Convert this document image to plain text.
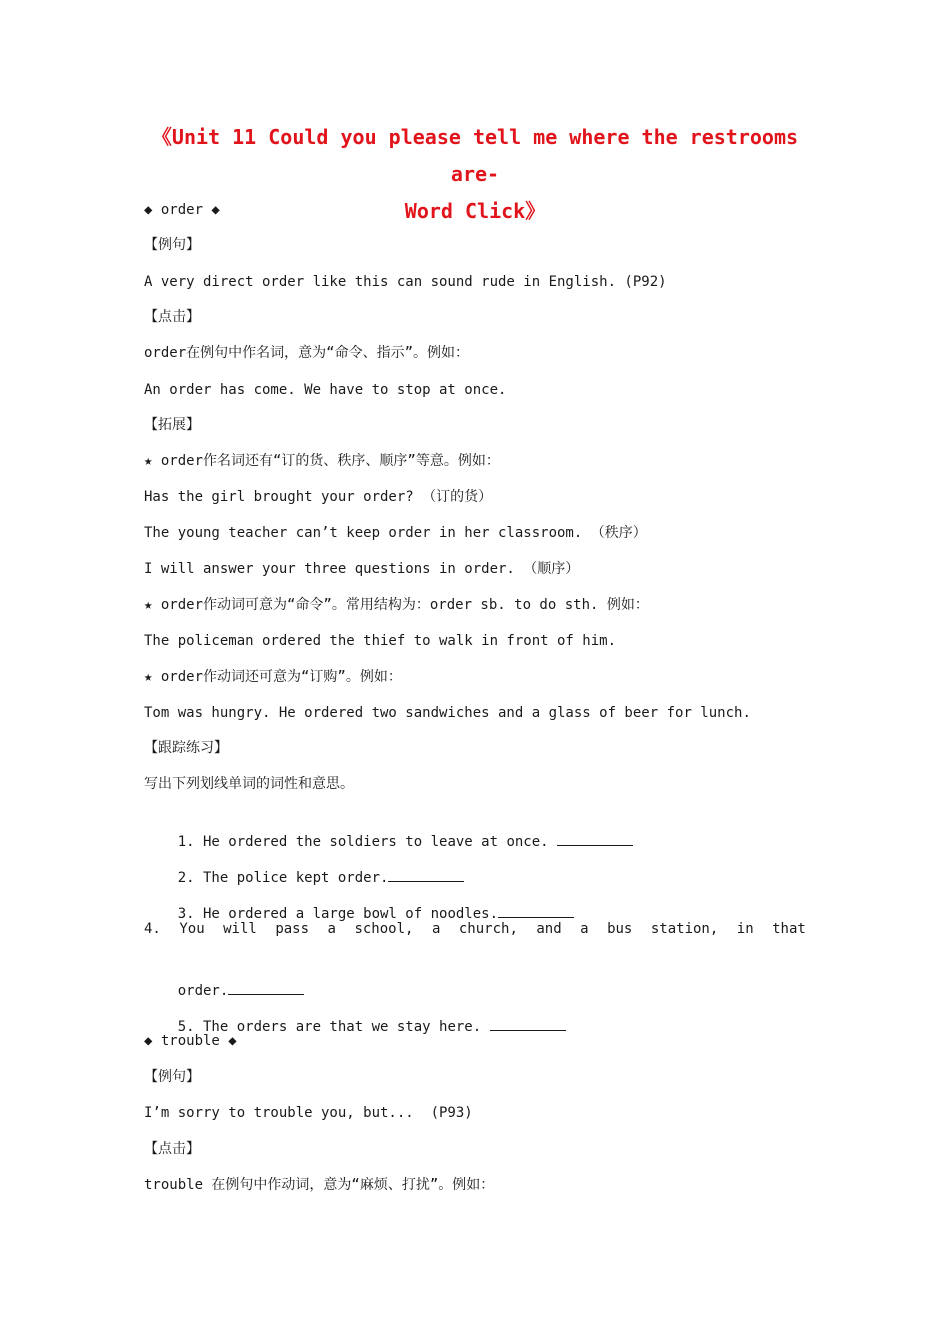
《Unit 11 Could you please tell me where the restrooms are-
Word Click》
◆ order ◆
【例句】
A very direct order like this can sound rude in English. (P92)
【点击】
order在例句中作名词，意为“命令、指示”。例如：
An order has come. We have to stop at once.
【拓展】
★ order作名词还有“订的货、秩序、顺序”等意。例如：
Has the girl brought your order? （订的货）
The young teacher can’t keep order in her classroom. （秩序）
I will answer your three questions in order. （顺序）
★ order作动词可意为“命令”。常用结构为：order sb. to do sth. 例如：
The policeman ordered the thief to walk in front of him.
★ order作动词还可意为“订购”。例如：
Tom was hungry. He ordered two sandwiches and a glass of beer for lunch.
【跟踪练习】
写出下列划线单词的词性和意思。

1. He ordered the soldiers to leave at once.

2. The police kept order.

3. He ordered a large bowl of noodles.

4. You will pass a school, a church, and a bus station, in that

order.

5. The orders are that we stay here.

◆ trouble ◆
【例句】
I’m sorry to trouble you, but...  (P93)
【点击】
trouble 在例句中作动词，意为“麻烦、打扰”。例如：
